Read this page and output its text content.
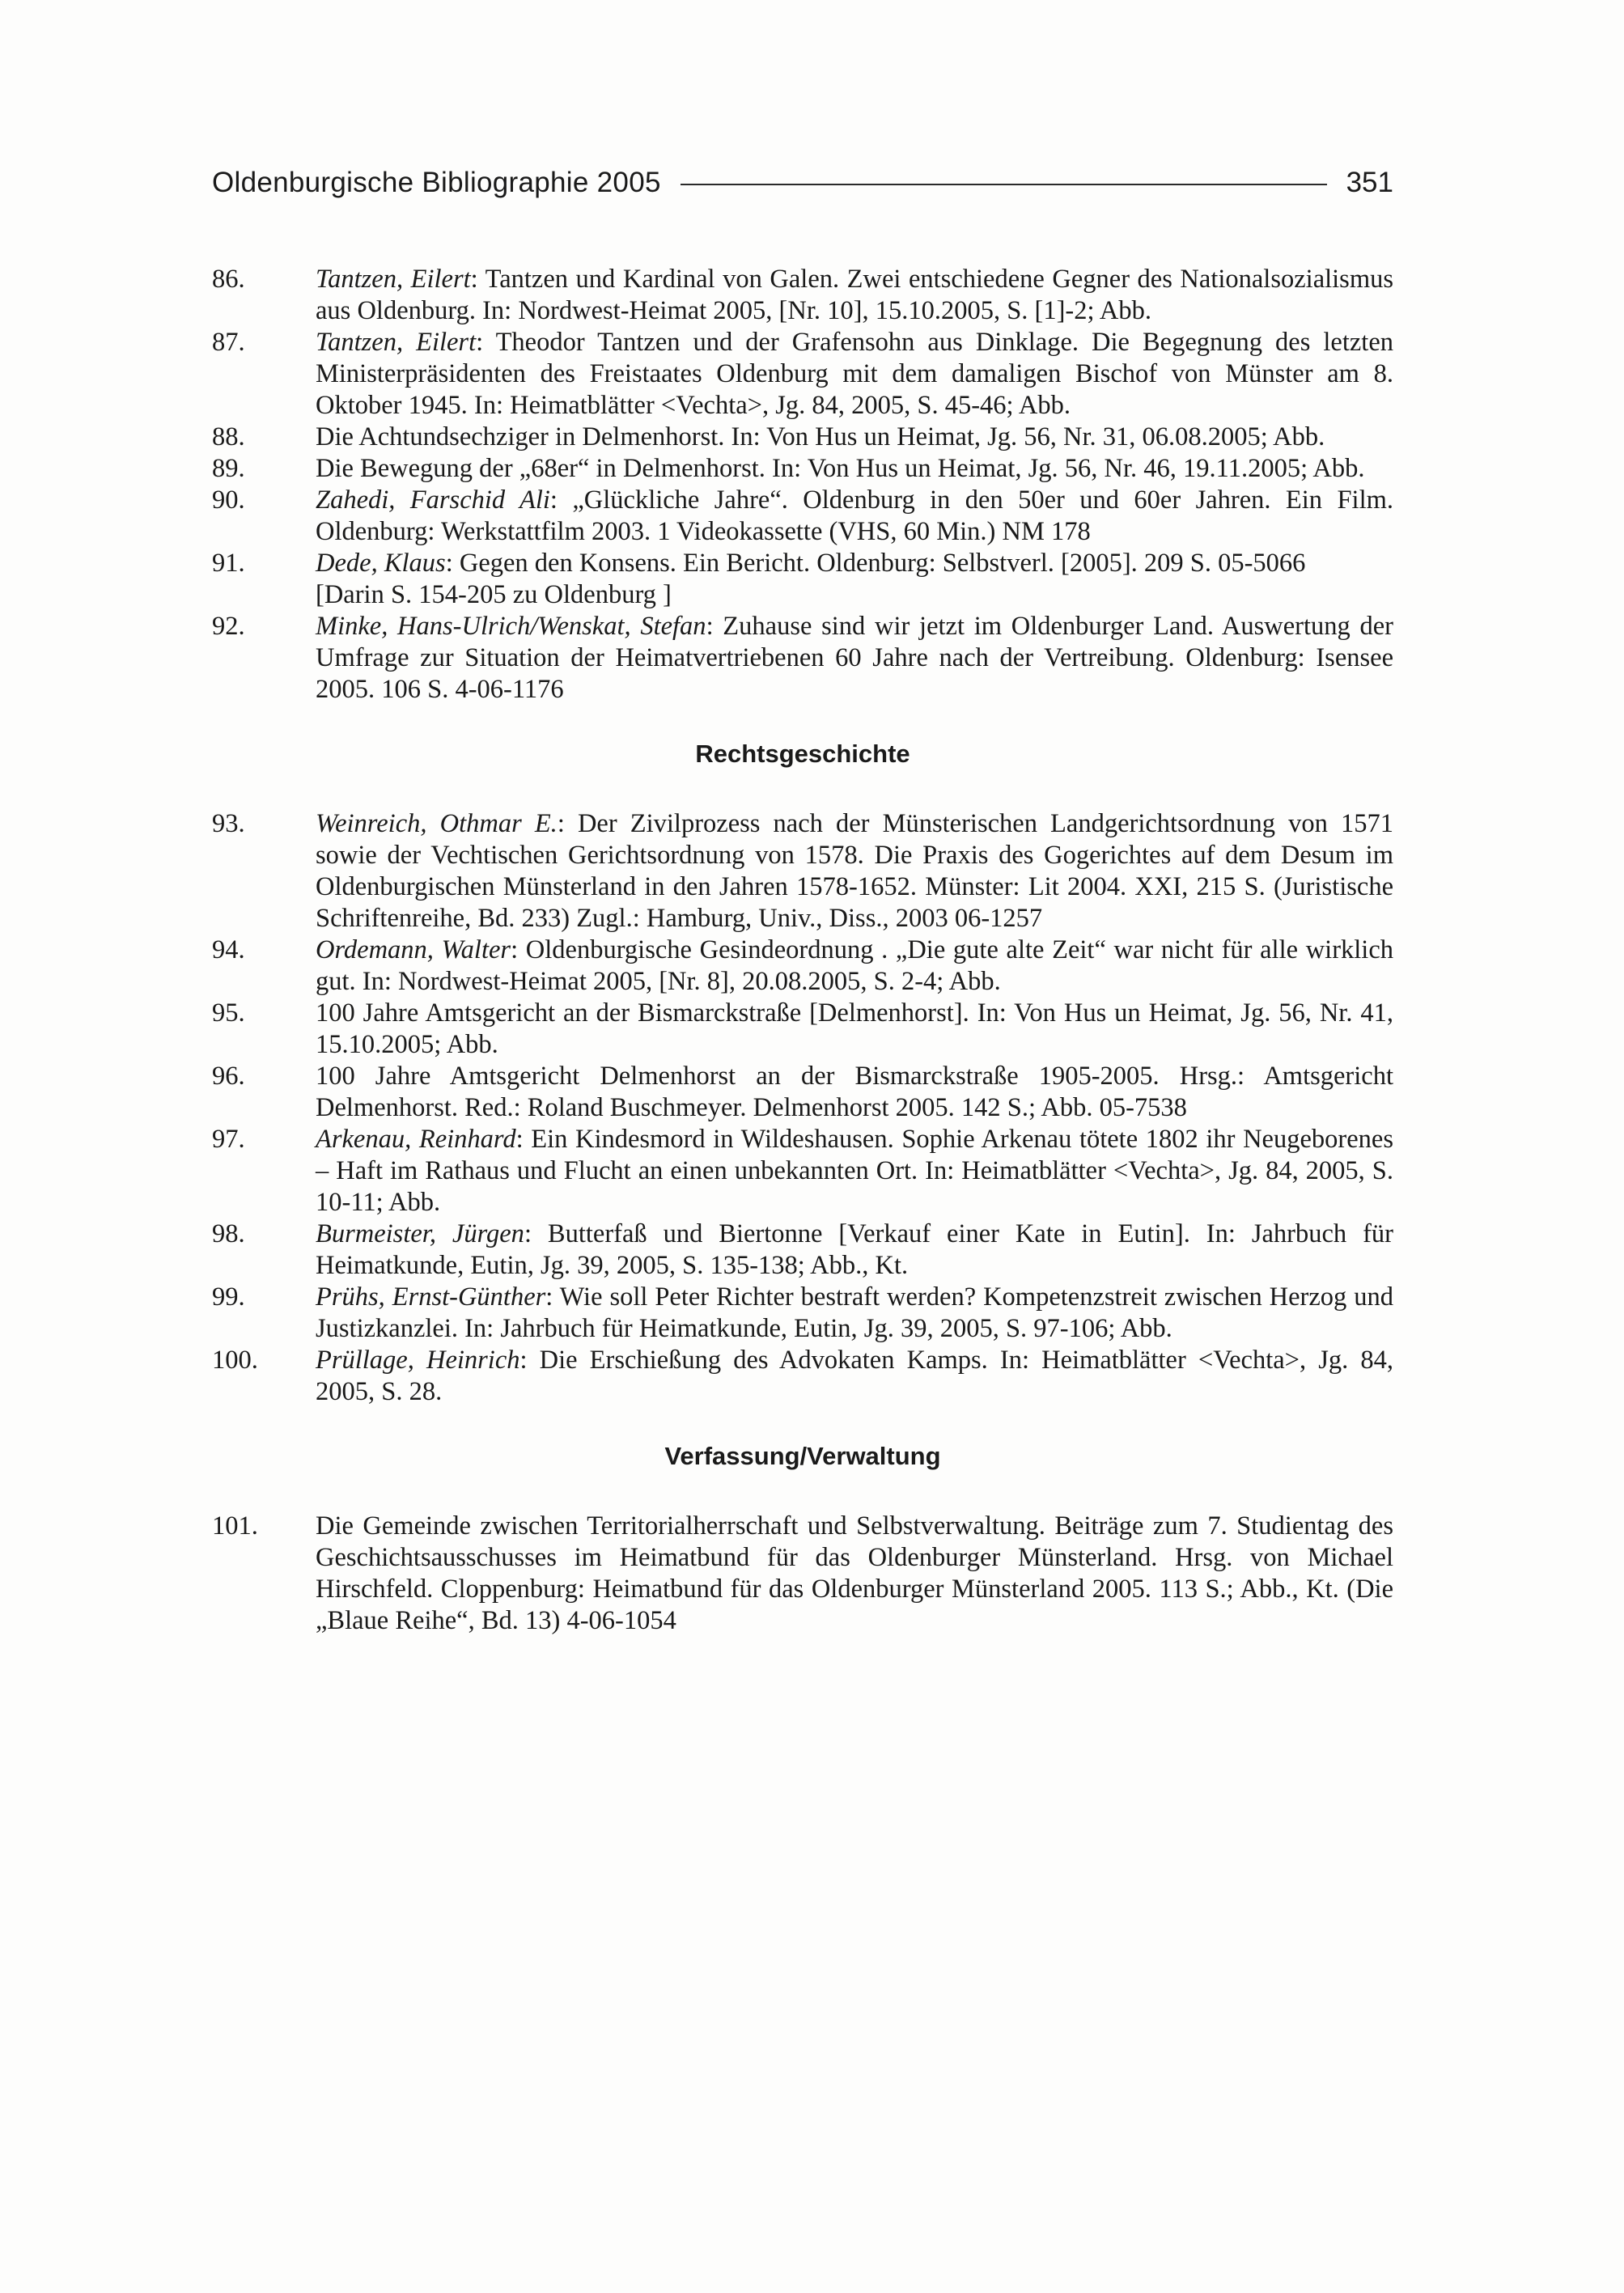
Oldenburgische Bibliographie 2005	351
86.	Tantzen, Eilert: Tantzen und Kardinal von Galen. Zwei entschiedene Gegner des Nationalsozialismus aus Oldenburg. In: Nordwest-Heimat 2005, [Nr. 10], 15.10.2005, S. [1]-2; Abb.
87.	Tantzen, Eilert: Theodor Tantzen und der Grafensohn aus Dinklage. Die Begegnung des letzten Ministerpräsidenten des Freistaates Oldenburg mit dem damaligen Bischof von Münster am 8. Oktober 1945. In: Heimatblätter <Vechta>, Jg. 84, 2005, S. 45-46; Abb.
88.	Die Achtundsechziger in Delmenhorst. In: Von Hus un Heimat, Jg. 56, Nr. 31, 06.08.2005; Abb.
89.	Die Bewegung der „68er“ in Delmenhorst. In: Von Hus un Heimat, Jg. 56, Nr. 46, 19.11.2005; Abb.
90.	Zahedi, Farschid Ali: „Glückliche Jahre“. Oldenburg in den 50er und 60er Jahren. Ein Film. Oldenburg: Werkstattfilm 2003. 1 Videokassette (VHS, 60 Min.) NM 178
91.	Dede, Klaus: Gegen den Konsens. Ein Bericht. Oldenburg: Selbstverl. [2005]. 209 S. 05-5066
[Darin S. 154-205 zu Oldenburg ]
92.	Minke, Hans-Ulrich/Wenskat, Stefan: Zuhause sind wir jetzt im Oldenburger Land. Auswertung der Umfrage zur Situation der Heimatvertriebenen 60 Jahre nach der Vertreibung. Oldenburg: Isensee 2005. 106 S. 4-06-1176
Rechtsgeschichte
93.	Weinreich, Othmar E.: Der Zivilprozess nach der Münsterischen Landgerichtsordnung von 1571 sowie der Vechtischen Gerichtsordnung von 1578. Die Praxis des Gogerichtes auf dem Desum im Oldenburgischen Münsterland in den Jahren 1578-1652. Münster: Lit 2004. XXI, 215 S. (Juristische Schriftenreihe, Bd. 233) Zugl.: Hamburg, Univ., Diss., 2003 06-1257
94.	Ordemann, Walter: Oldenburgische Gesindeordnung . „Die gute alte Zeit“ war nicht für alle wirklich gut. In: Nordwest-Heimat 2005, [Nr. 8], 20.08.2005, S. 2-4; Abb.
95.	100 Jahre Amtsgericht an der Bismarckstraße [Delmenhorst]. In: Von Hus un Heimat, Jg. 56, Nr. 41, 15.10.2005; Abb.
96.	100 Jahre Amtsgericht Delmenhorst an der Bismarckstraße 1905-2005. Hrsg.: Amtsgericht Delmenhorst. Red.: Roland Buschmeyer. Delmenhorst 2005. 142 S.; Abb. 05-7538
97.	Arkenau, Reinhard: Ein Kindesmord in Wildeshausen. Sophie Arkenau tötete 1802 ihr Neugeborenes – Haft im Rathaus und Flucht an einen unbekannten Ort. In: Heimatblätter <Vechta>, Jg. 84, 2005, S. 10-11; Abb.
98.	Burmeister, Jürgen: Butterfaß und Biertonne [Verkauf einer Kate in Eutin]. In: Jahrbuch für Heimatkunde, Eutin, Jg. 39, 2005, S. 135-138; Abb., Kt.
99.	Prühs, Ernst-Günther: Wie soll Peter Richter bestraft werden? Kompetenzstreit zwischen Herzog und Justizkanzlei. In: Jahrbuch für Heimatkunde, Eutin, Jg. 39, 2005, S. 97-106; Abb.
100.	Prüllage, Heinrich: Die Erschießung des Advokaten Kamps. In: Heimatblätter <Vechta>, Jg. 84, 2005, S. 28.
Verfassung/Verwaltung
101.	Die Gemeinde zwischen Territorialherrschaft und Selbstverwaltung. Beiträge zum 7. Studientag des Geschichtsausschusses im Heimatbund für das Oldenburger Münsterland. Hrsg. von Michael Hirschfeld. Cloppenburg: Heimatbund für das Oldenburger Münsterland 2005. 113 S.; Abb., Kt. (Die „Blaue Reihe“, Bd. 13) 4-06-1054
